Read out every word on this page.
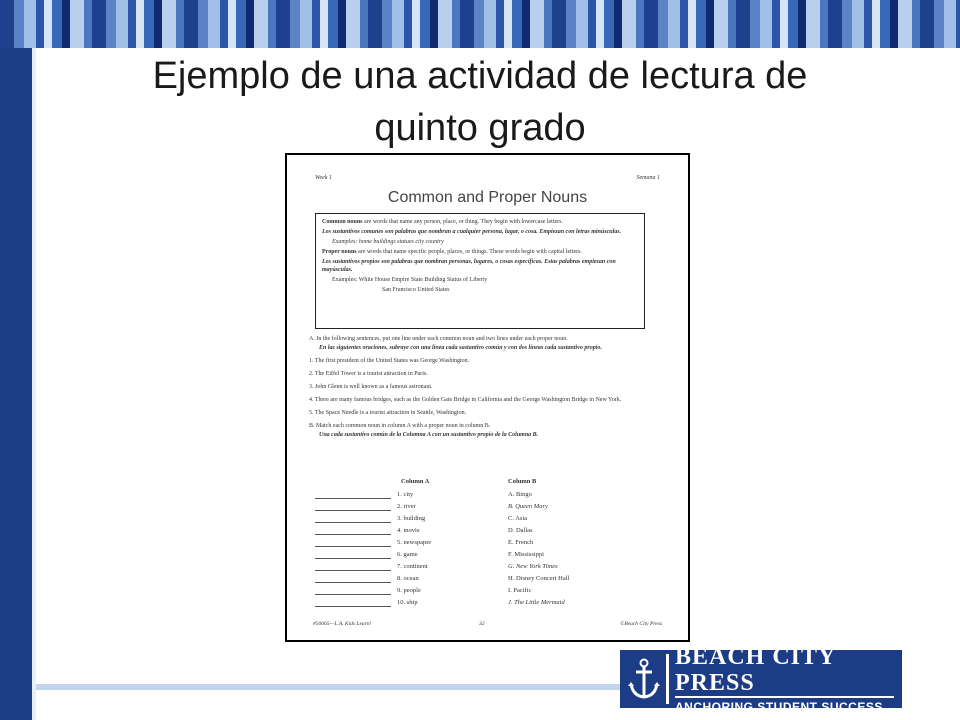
Ejemplo de una actividad de lectura de
quinto grado
Week 1	Semana 1
Common and Proper Nouns

Common nouns are words that name any person, place, or thing. They begin with lowercase letters.

Los sustantivos comunes son palabras que nombran a cualquier persona, lugar, o cosa. Empiezan con letras minúsculas.

Examples: home buildings statues city country

Proper nouns are words that name specific people, places, or things. These words begin with capital letters.

Los sustantivos propios son palabras que nombran personas, lugares, o cosas específicas. Estas palabras empiezan con mayúsculas.

Examples: White House Empire State Building Status of Liberty

San Francisco United States

A. In the following sentences, put one line under each common noun and two lines under each proper noun.

En las siguientes oraciones, subraye con una línea cada sustantivo común y con dos líneas cada sustantivo propio.

1. The first president of the United States was George Washington.

2. The Eiffel Tower is a tourist attraction in Paris.

3. John Glenn is well known as a famous astronaut.

4. There are many famous bridges, such as the Golden Gate Bridge in California and the George Washington Bridge in New York.

5. The Space Needle is a tourist attraction in Seattle, Washington.

B. Match each common noun in column A with a proper noun in column B.

Una cada sustantivo común de la Columna A con un sustantivo propio de la Columna B.

Column A	Column B
1. city	A. Bingo
2. river	B. Queen Mary
3. building	C. Asia
4. movie	D. Dallas
5. newspaper	E. French
6. game	F. Mississippi
7. continent	G. New York Times
8. ocean	H. Disney Concert Hall
9. people	I. Pacific
10. ship	J. The Little Mermaid
#50065—L.A. Kids Learn!	32	©Beach City Press
BEACH CITY PRESS
ANCHORING STUDENT SUCCESS
